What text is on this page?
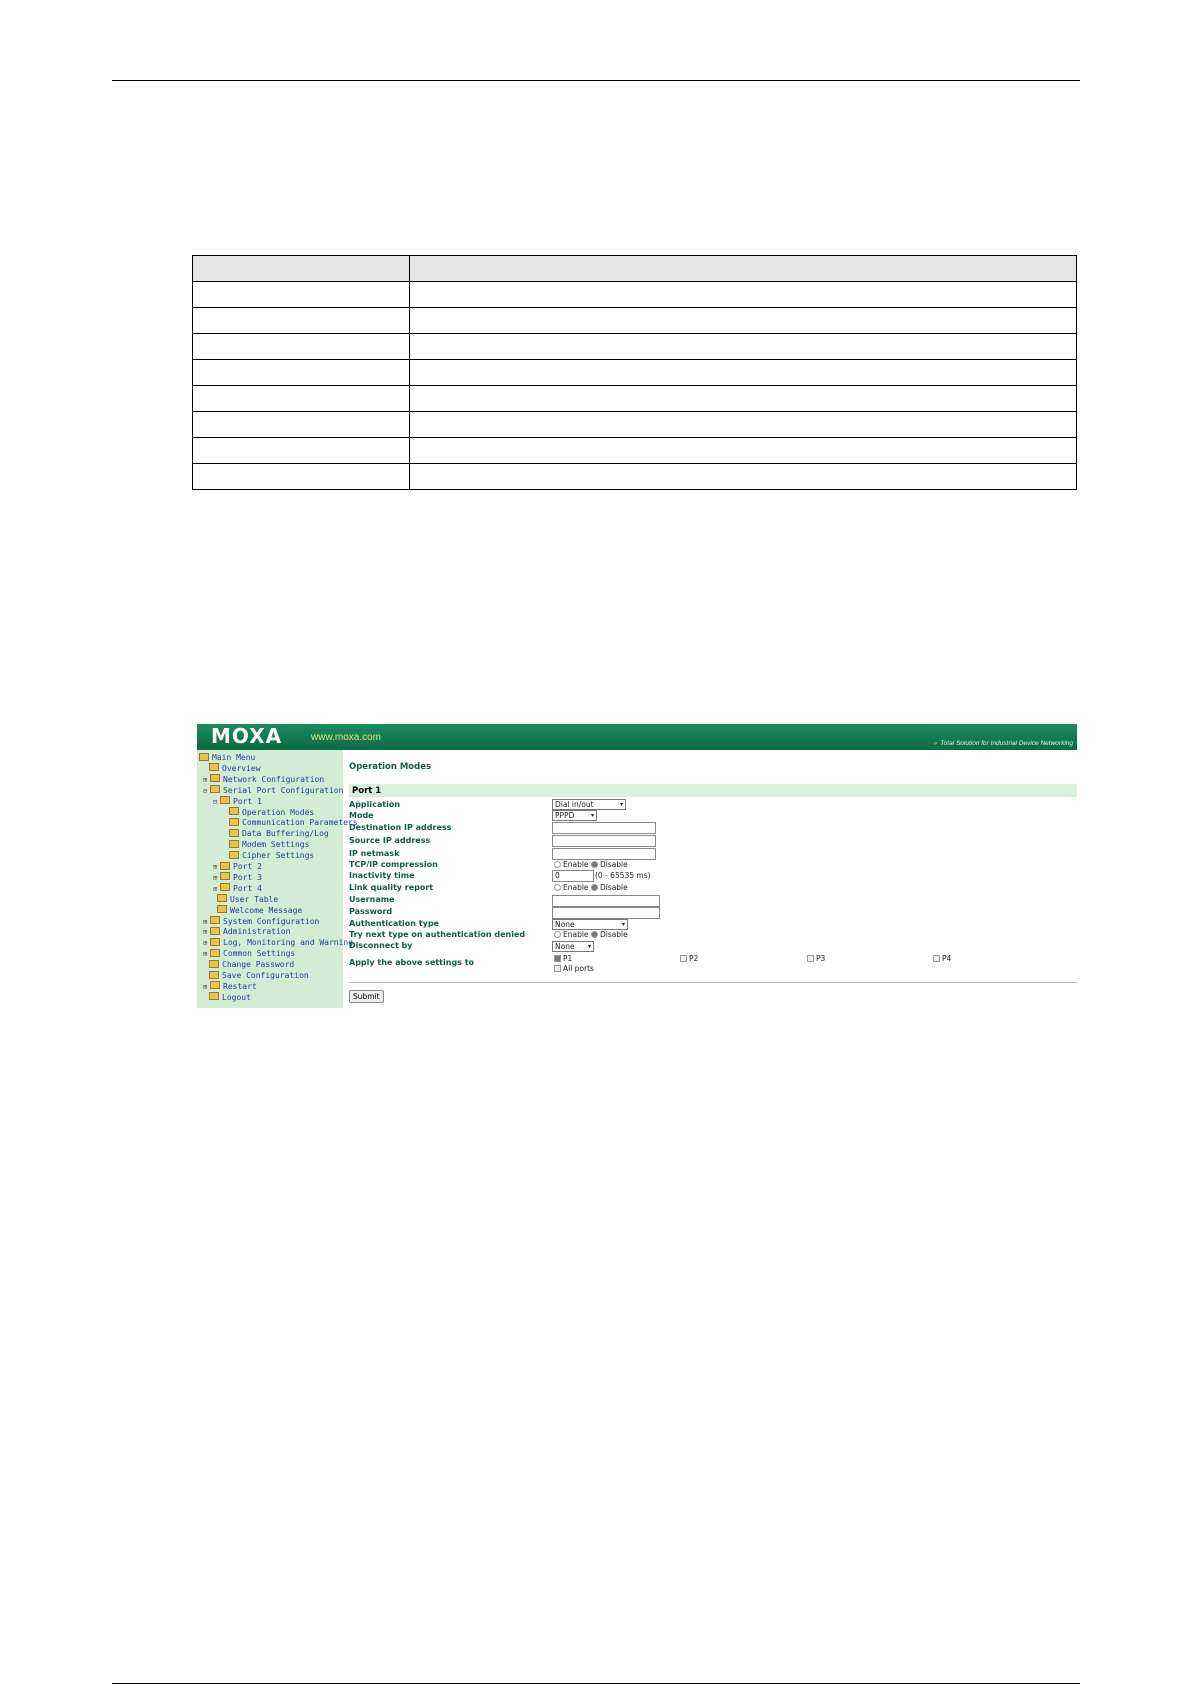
MOXA	www.moxa.com
» Total Solution for Industrial Device Networking
Main Menu
Overview
⊞ Network Configuration
⊟ Serial Port Configuration
⊟ Port 1
Operation Modes
Communication Parameters
Data Buffering/Log
Modem Settings
Cipher Settings
⊞ Port 2
⊞ Port 3
⊞ Port 4
User Table
Welcome Message
⊞ System Configuration
⊞ Administration
⊞ Log, Monitoring and Warning
⊞ Common Settings
Change Password
Save Configuration
⊞ Restart
Logout
Operation Modes
Port 1
Application	Dial in/out	▾
Mode	PPPD	▾
Destination IP address
Source IP address
IP netmask
TCP/IP compression	Enable Disable
Inactivity time	0	(0 - 65535 ms)
Link quality report	Enable Disable
Username
Password
Authentication type	None	▾
Try next type on authentication denied	Enable Disable
Disconnect by	None ▾
Apply the above settings to	P1	P2	P3	P4
All ports
Submit
